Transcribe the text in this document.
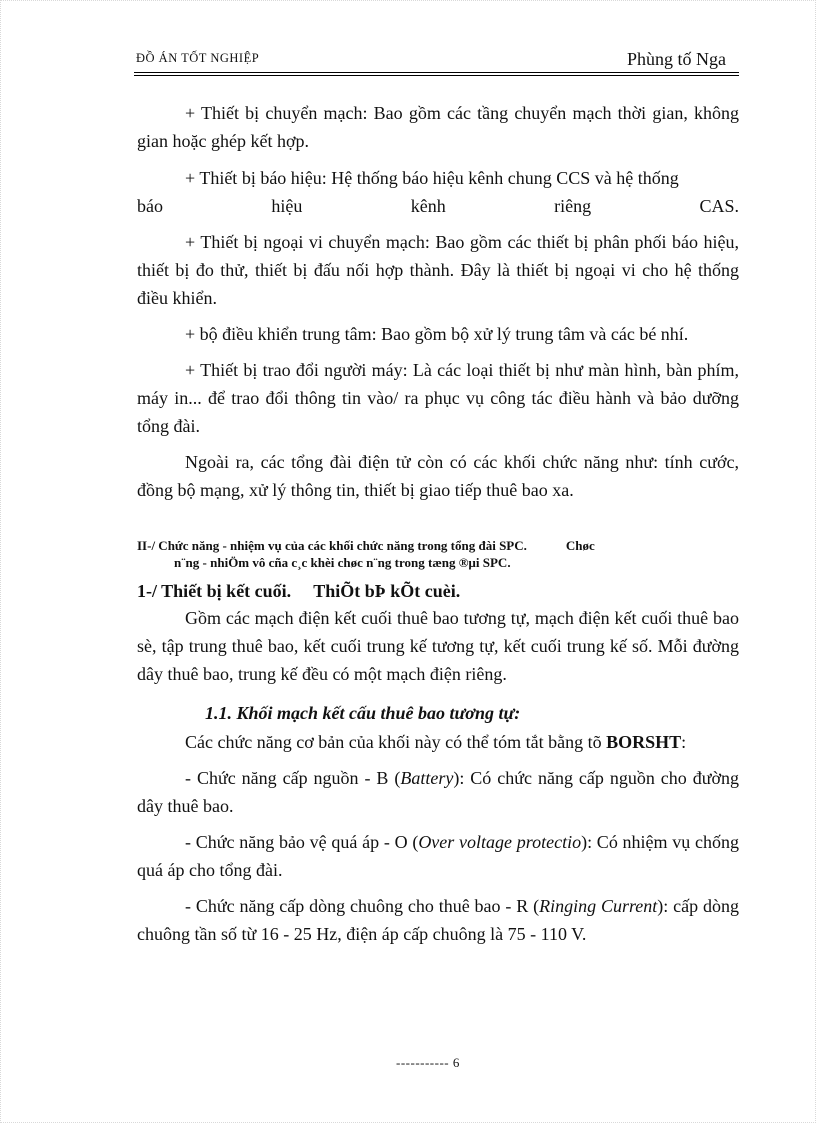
ĐỒ ÁN TỐT NGHIỆP	Phùng tố Nga
+ Thiết bị chuyển mạch: Bao gồm các tầng chuyển mạch thời gian, không gian hoặc ghép kết hợp.
+ Thiết bị báo hiệu: Hệ thống báo hiệu kênh chung CCS và hệ thống
báo hiệu kênh riêng CAS.
+ Thiết bị ngoại vi chuyển mạch: Bao gồm các thiết bị phân phối báo hiệu, thiết bị đo thử, thiết bị đấu nối hợp thành. Đây là thiết bị ngoại vi cho hệ thống điều khiển.
+ bộ điều khiển trung tâm: Bao gồm bộ xử lý trung tâm và các bé nhí.
+ Thiết bị trao đổi người máy: Là các loại thiết bị như màn hình, bàn phím, máy in... để trao đổi thông tin vào/ ra phục vụ công tác điều hành và bảo dưỡng tổng đài.
Ngoài ra, các tổng đài điện tử còn có các khối chức năng như: tính cước, đồng bộ mạng, xử lý thông tin, thiết bị giao tiếp thuê bao xa.
II-/ Chức năng - nhiệm vụ của các khối chức năng trong tổng đài SPC.            Chøc
n¨ng - nhiÖm vô cña c¸c khèi chøc n¨ng trong tæng ®µi SPC.
1-/ Thiết bị kết cuối. ThiÕt bÞ kÕt cuèi.
Gồm các mạch điện kết cuối thuê bao tương tự, mạch điện kết cuối thuê bao sè, tập trung thuê bao, kết cuối trung kế tương tự, kết cuối trung kế số. Mỗi đường dây thuê bao, trung kế đều có một mạch điện riêng.
1.1. Khối mạch kết cấu thuê bao tương tự:
Các chức năng cơ bản của khối này có thể tóm tắt bằng tõ BORSHT:
- Chức năng cấp nguồn - B (Battery): Có chức năng cấp nguồn cho đường dây thuê bao.
- Chức năng bảo vệ quá áp - O (Over voltage protectio): Có nhiệm vụ chống quá áp cho tổng đài.
- Chức năng cấp dòng chuông cho thuê bao - R (Ringing Current): cấp dòng chuông tần số từ 16 - 25 Hz, điện áp cấp chuông là 75 - 110 V.
----------- 6
